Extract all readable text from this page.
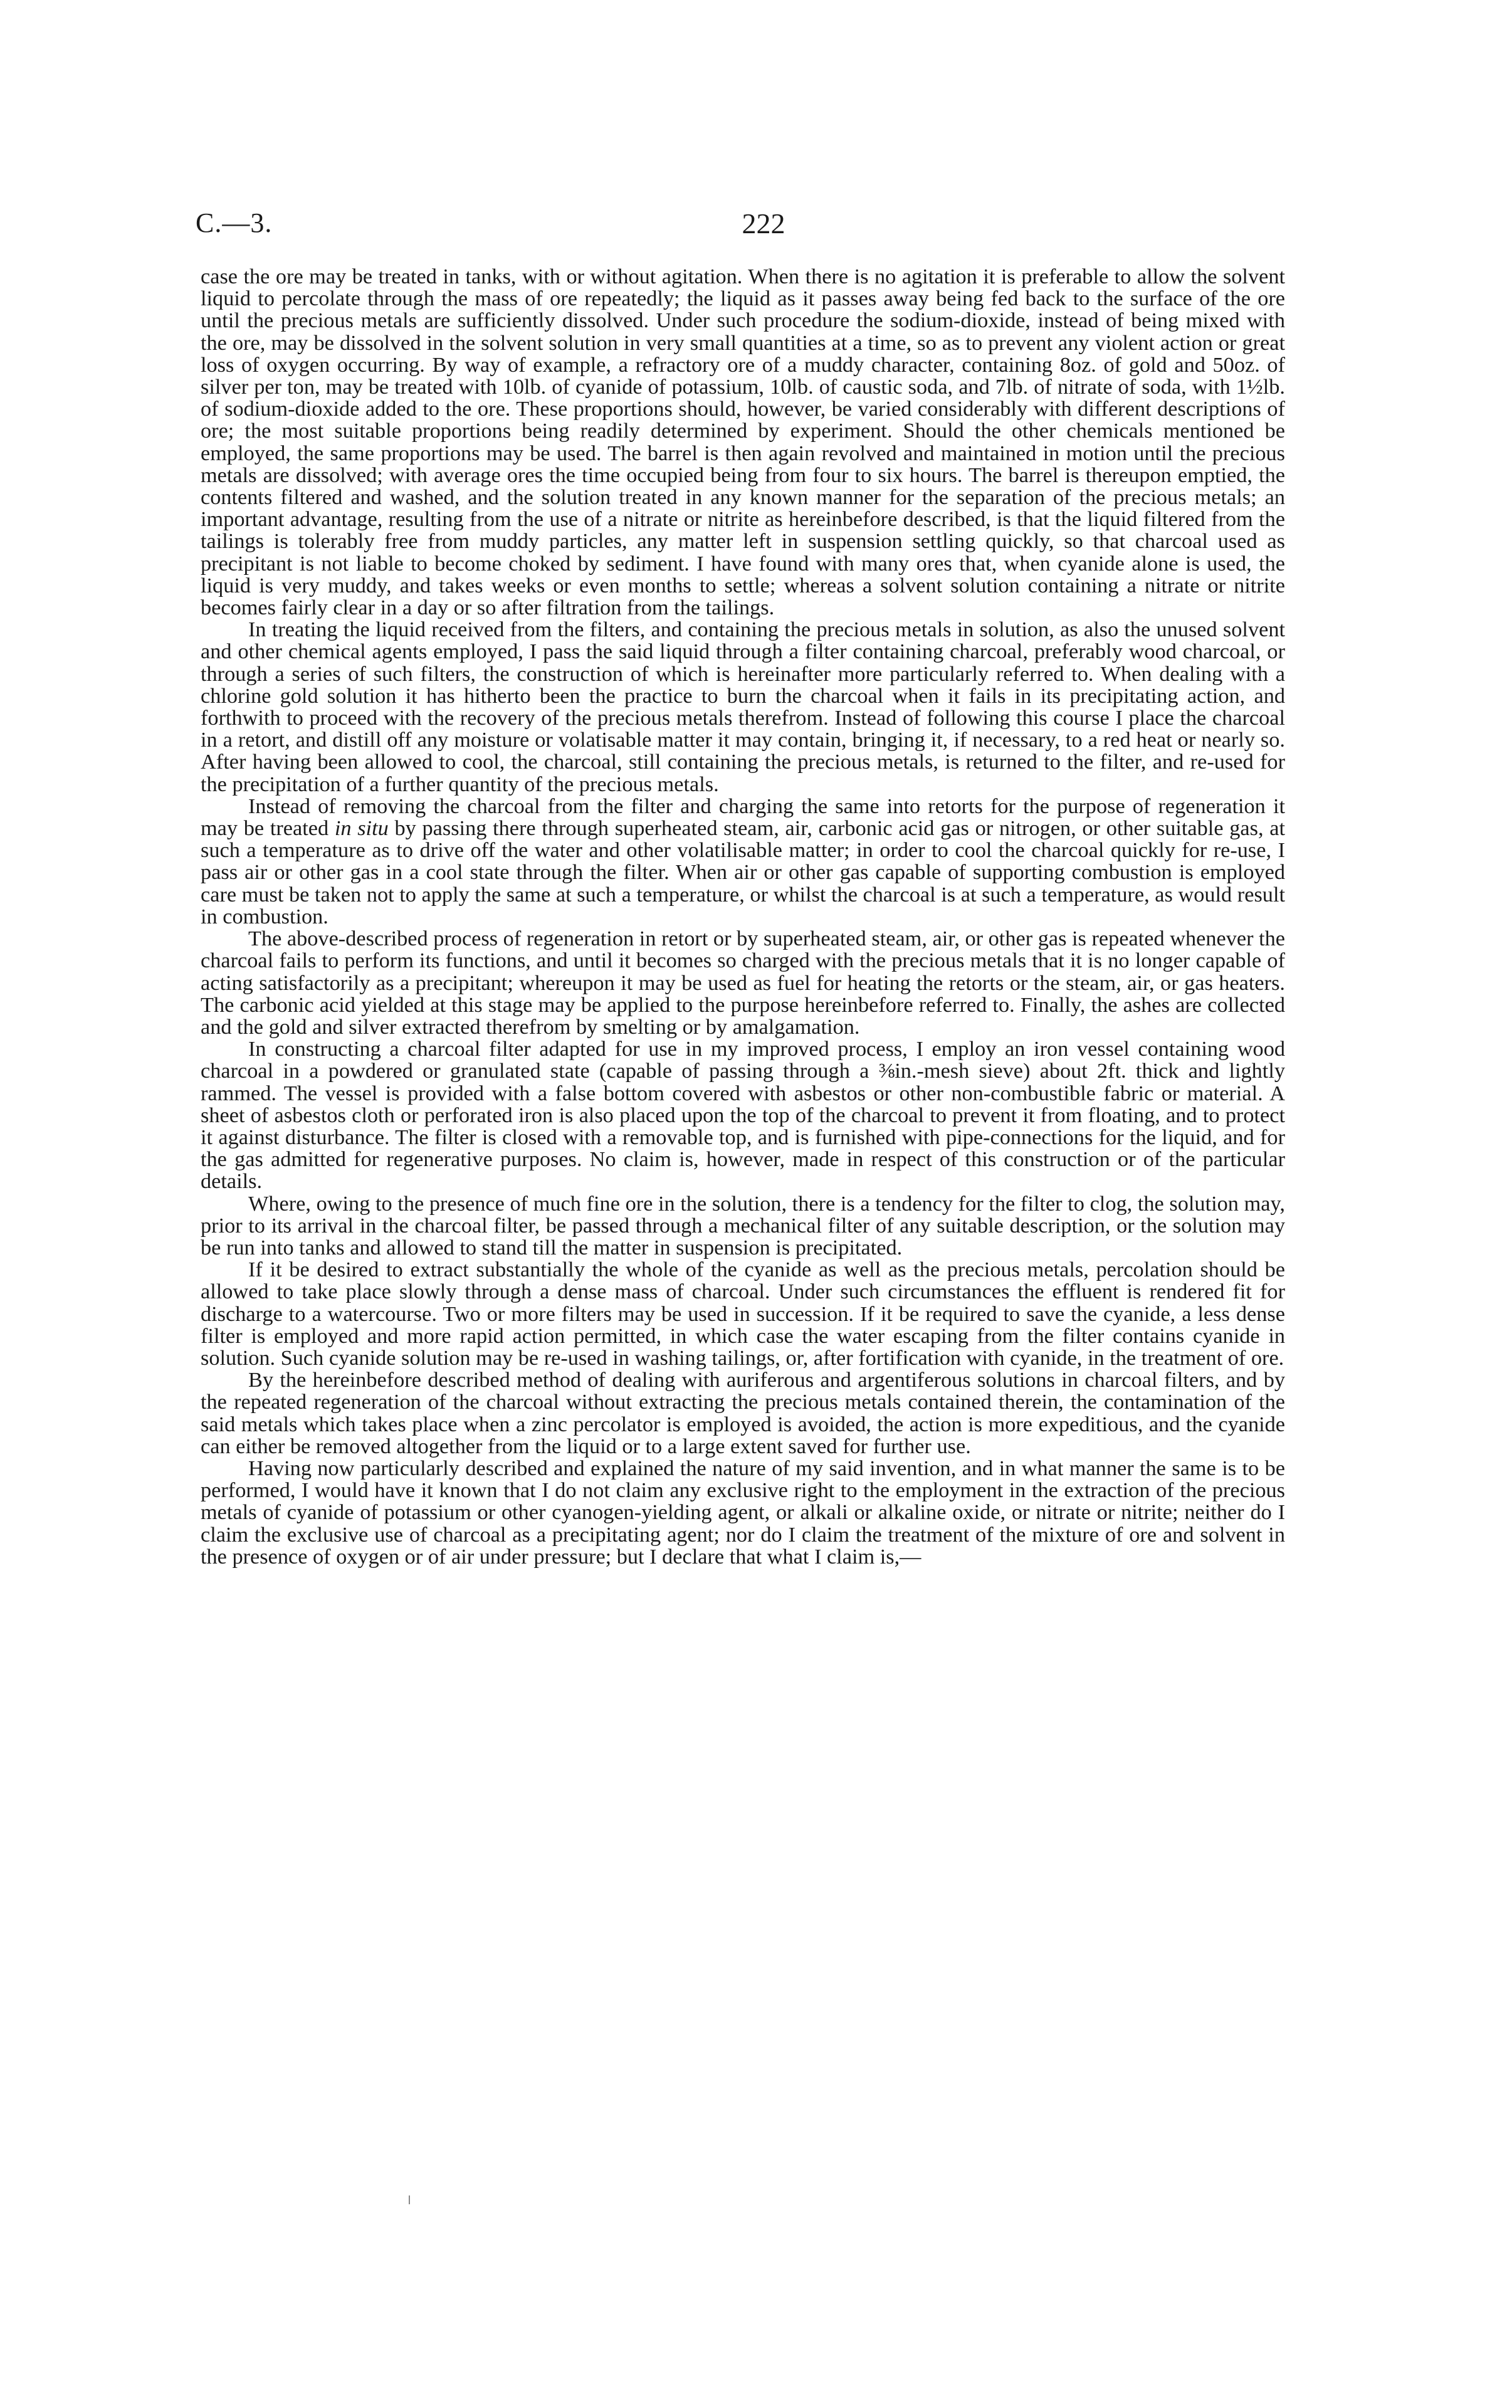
C.—3.	222

case the ore may be treated in tanks, with or without agitation. When there is no agitation it is preferable to allow the solvent liquid to percolate through the mass of ore repeatedly; the liquid as it passes away being fed back to the surface of the ore until the precious metals are sufficiently dissolved. Under such procedure the sodium-dioxide, instead of being mixed with the ore, may be dissolved in the solvent solution in very small quantities at a time, so as to prevent any violent action or great loss of oxygen occurring. By way of example, a refractory ore of a muddy character, containing 8oz. of gold and 50oz. of silver per ton, may be treated with 10lb. of cyanide of potassium, 10lb. of caustic soda, and 7lb. of nitrate of soda, with 1½lb. of sodium-dioxide added to the ore. These proportions should, however, be varied considerably with different descriptions of ore; the most suitable proportions being readily determined by experiment. Should the other chemicals mentioned be employed, the same proportions may be used. The barrel is then again revolved and maintained in motion until the precious metals are dissolved; with average ores the time occupied being from four to six hours. The barrel is thereupon emptied, the contents filtered and washed, and the solution treated in any known manner for the separation of the precious metals; an important advantage, resulting from the use of a nitrate or nitrite as hereinbefore described, is that the liquid filtered from the tailings is tolerably free from muddy particles, any matter left in suspension settling quickly, so that charcoal used as precipitant is not liable to become choked by sediment. I have found with many ores that, when cyanide alone is used, the liquid is very muddy, and takes weeks or even months to settle; whereas a solvent solution containing a nitrate or nitrite becomes fairly clear in a day or so after filtration from the tailings.

In treating the liquid received from the filters, and containing the precious metals in solution, as also the unused solvent and other chemical agents employed, I pass the said liquid through a filter containing charcoal, preferably wood charcoal, or through a series of such filters, the construction of which is hereinafter more particularly referred to. When dealing with a chlorine gold solution it has hitherto been the practice to burn the charcoal when it fails in its precipitating action, and forthwith to proceed with the recovery of the precious metals therefrom. Instead of following this course I place the charcoal in a retort, and distill off any moisture or volatisable matter it may contain, bringing it, if necessary, to a red heat or nearly so. After having been allowed to cool, the charcoal, still containing the precious metals, is returned to the filter, and re-used for the precipitation of a further quantity of the precious metals.

Instead of removing the charcoal from the filter and charging the same into retorts for the purpose of regeneration it may be treated in situ by passing there through superheated steam, air, carbonic acid gas or nitrogen, or other suitable gas, at such a temperature as to drive off the water and other volatilisable matter; in order to cool the charcoal quickly for re-use, I pass air or other gas in a cool state through the filter. When air or other gas capable of supporting combustion is employed care must be taken not to apply the same at such a temperature, or whilst the charcoal is at such a temperature, as would result in combustion.

The above-described process of regeneration in retort or by superheated steam, air, or other gas is repeated whenever the charcoal fails to perform its functions, and until it becomes so charged with the precious metals that it is no longer capable of acting satisfactorily as a precipitant; whereupon it may be used as fuel for heating the retorts or the steam, air, or gas heaters. The carbonic acid yielded at this stage may be applied to the purpose hereinbefore referred to. Finally, the ashes are collected and the gold and silver extracted therefrom by smelting or by amalgamation.

In constructing a charcoal filter adapted for use in my improved process, I employ an iron vessel containing wood charcoal in a powdered or granulated state (capable of passing through a ⅜in.-mesh sieve) about 2ft. thick and lightly rammed. The vessel is provided with a false bottom covered with asbestos or other non-combustible fabric or material. A sheet of asbestos cloth or perforated iron is also placed upon the top of the charcoal to prevent it from floating, and to protect it against disturbance. The filter is closed with a removable top, and is furnished with pipe-connections for the liquid, and for the gas admitted for regenerative purposes. No claim is, however, made in respect of this construction or of the particular details.

Where, owing to the presence of much fine ore in the solution, there is a tendency for the filter to clog, the solution may, prior to its arrival in the charcoal filter, be passed through a mechanical filter of any suitable description, or the solution may be run into tanks and allowed to stand till the matter in suspension is precipitated.

If it be desired to extract substantially the whole of the cyanide as well as the precious metals, percolation should be allowed to take place slowly through a dense mass of charcoal. Under such circumstances the effluent is rendered fit for discharge to a watercourse. Two or more filters may be used in succession. If it be required to save the cyanide, a less dense filter is employed and more rapid action permitted, in which case the water escaping from the filter contains cyanide in solution. Such cyanide solution may be re-used in washing tailings, or, after fortification with cyanide, in the treatment of ore.

By the hereinbefore described method of dealing with auriferous and argentiferous solutions in charcoal filters, and by the repeated regeneration of the charcoal without extracting the precious metals contained therein, the contamination of the said metals which takes place when a zinc percolator is employed is avoided, the action is more expeditious, and the cyanide can either be removed altogether from the liquid or to a large extent saved for further use.

Having now particularly described and explained the nature of my said invention, and in what manner the same is to be performed, I would have it known that I do not claim any exclusive right to the employment in the extraction of the precious metals of cyanide of potassium or other cyanogen-yielding agent, or alkali or alkaline oxide, or nitrate or nitrite; neither do I claim the exclusive use of charcoal as a precipitating agent; nor do I claim the treatment of the mixture of ore and solvent in the presence of oxygen or of air under pressure; but I declare that what I claim is,—
